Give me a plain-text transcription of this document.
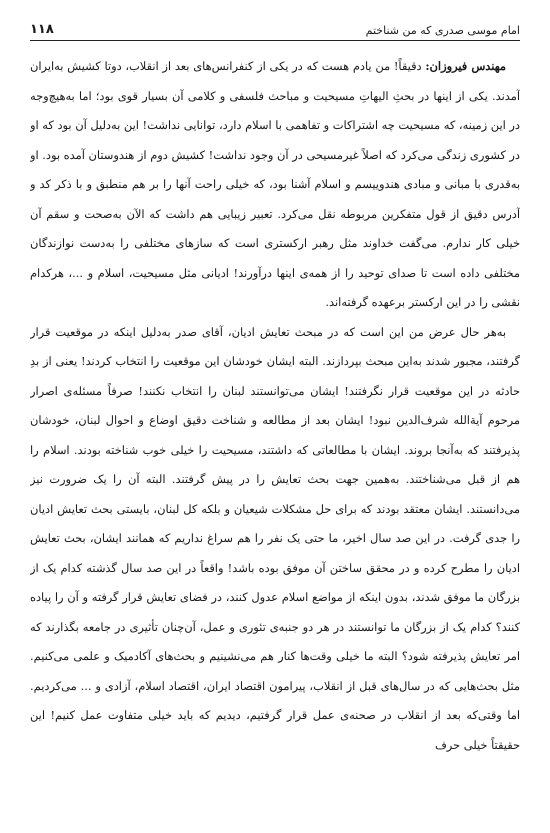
۱۱۸	امام موسی صدری که من شناختم

مهندس فیروزان: دقیقاً! من یادم هست که در یکی از کنفرانس‌های بعد از انقلاب، دوتا کشیش به‌ایران آمدند. یکی از اینها در بحثِ الیهاتِ مسیحیت و مباحث فلسفی و کلامی آن بسیار قوی بود؛ اما به‌هیچ‌وجه در این زمینه، که مسیحیت چه اشتراکات و تفاهمی با اسلام دارد، توانایی نداشت! این به‌دلیل آن بود که او در کشوری زندگی می‌کرد که اصلاً غیرمسیحی در آن وجود نداشت! کشیش دوم از هندوستان آمده بود. او به‌قدری با مبانی و مبادی هندوییسم و اسلام آشنا بود، که خیلی راحت آنها را بر هم منطبق و با ذکر کد و آدرس دقیق از قول متفکرین مربوطه نقل می‌کرد. تعبیر زیبایی هم داشت که الآن به‌صحت و سقم آن خیلی کار ندارم. می‌گفت خداوند مثل رهبر ارکستری است که سازهای مختلفی را به‌دست نوازندگان مختلفی داده است تا صدای توحید را از همه‌ی اینها درآورند! ادیانی مثل مسیحیت، اسلام و ...، هرکدام نقشی را در این ارکستر برعهده گرفته‌اند.

به‌هر حال عرض من این است که در مبحث تعایش ادیان، آقای صدر به‌دلیل اینکه در موقعیت قرار گرفتند، مجبور شدند به‌این مبحث بپردازند. البته ایشان خودشان این موقعیت را انتخاب کردند! یعنی از بدِ حادثه در این موقعیت قرار نگرفتند! ایشان می‌توانستند لبنان را انتخاب نکنند! صرفاً مسئله‌ی اصرار مرحوم آیة‌الله شرف‌الدین نبود! ایشان بعد از مطالعه و شناخت دقیق اوضاع و احوال لبنان، خودشان پذیرفتند که به‌آنجا بروند. ایشان با مطالعاتی که داشتند، مسیحیت را خیلی خوب شناخته بودند. اسلام را هم از قبل می‌شناختند. به‌همین جهت بحث تعایش را در پیش گرفتند. البته آن را یک ضرورت نیز می‌دانستند. ایشان معتقد بودند که برای حل مشکلات شیعیان و بلکه کل لبنان، بایستی بحث تعایش ادیان را جدی گرفت. در این صد سال اخیر، ما حتی یک نفر را هم سراغ نداریم که همانند ایشان، بحث تعایش ادیان را مطرح کرده و در محقق ساختن آن موفق بوده باشد! واقعاً در این صد سال گذشته کدام یک از بزرگان ما موفق شدند، بدون اینکه از مواضع اسلام عدول کنند، در فضای تعایش قرار گرفته و آن را پیاده کنند؟ کدام یک از بزرگان ما توانستند در هر دو جنبه‌ی تئوری و عمل، آن‌چنان تأثیری در جامعه بگذارند که امر تعایش پذیرفته شود؟ البته ما خیلی وقت‌ها کنار هم می‌نشینیم و بحث‌های آکادمیک و علمی می‌کنیم. مثل بحث‌هایی که در سال‌های قبل از انقلاب، پیرامون اقتصاد ایران، اقتصاد اسلام، آزادی و ... می‌کردیم. اما وقتی‌که بعد از انقلاب در صحنه‌ی عمل قرار گرفتیم، دیدیم که باید خیلی متفاوت عمل کنیم! این حقیقتاً خیلی حرف
